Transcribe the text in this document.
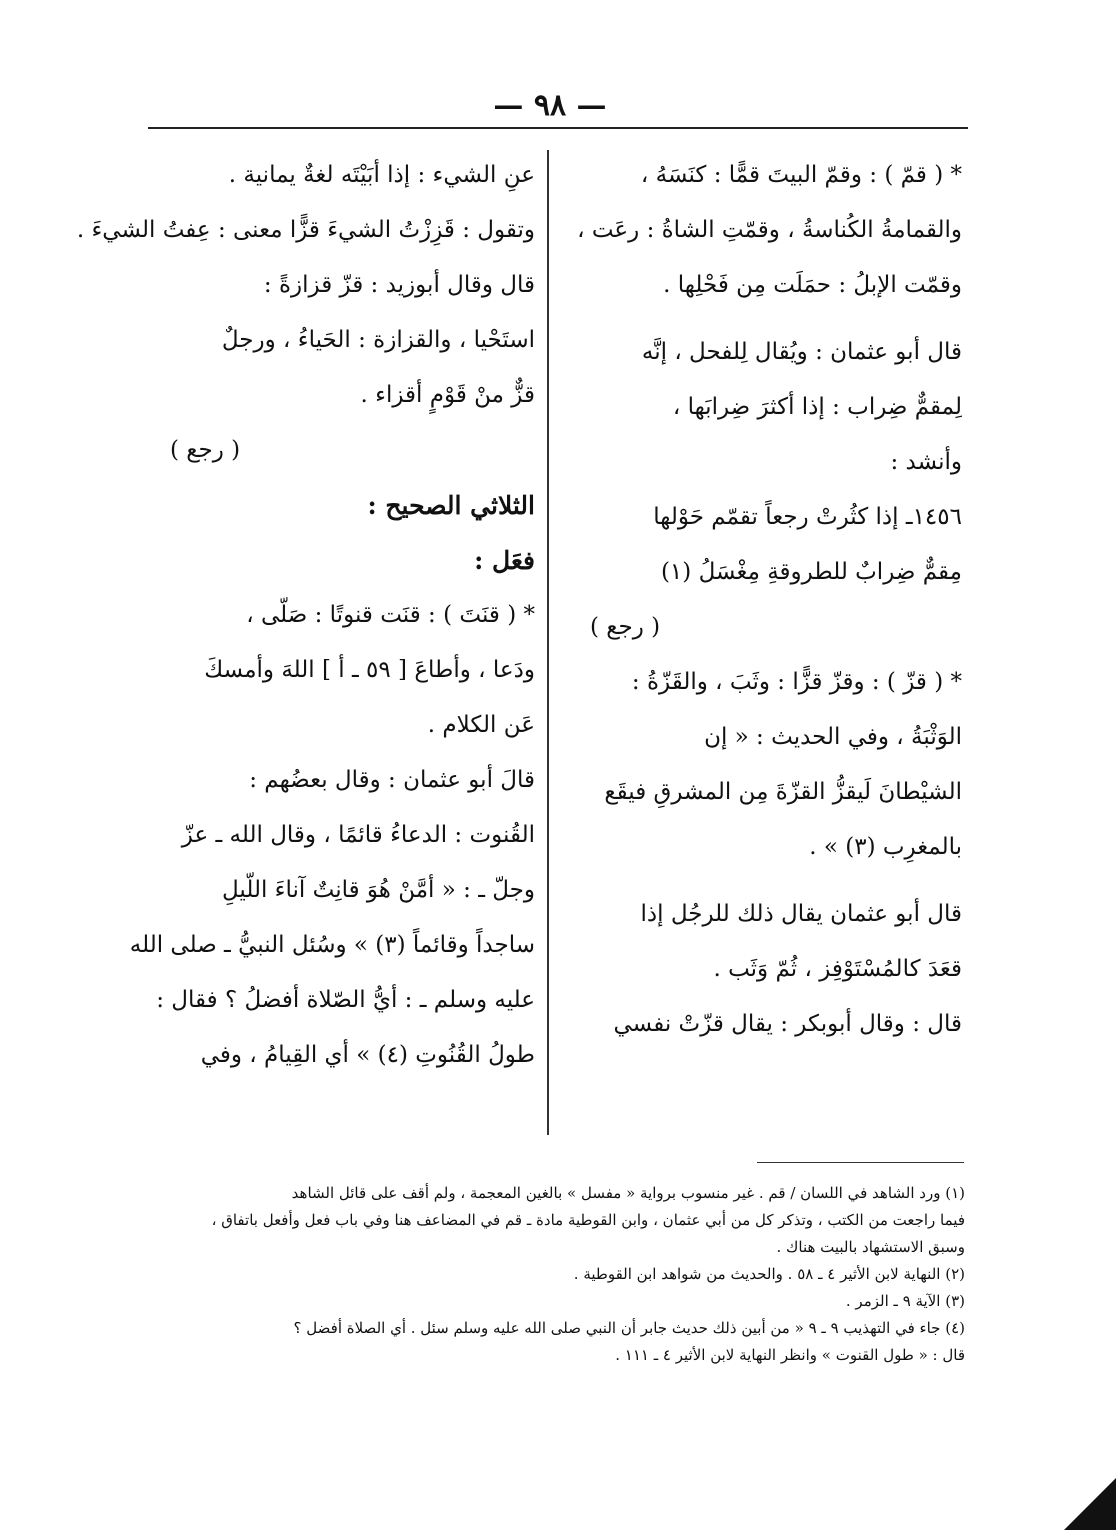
— ٩٨ —
* ( قمّ ) : وقمّ البيتَ قمًّا : كنَسَهُ ،
والقمامةُ الكُناسةُ ، وقمّتِ الشاةُ : رعَت ،
وقمّت الإبلُ : حمَلَت مِن فَحْلِها .
قال أبو عثمان : ويُقال لِلفحل ، إنَّه
لِمقمٌّ ضِراب : إذا أكثرَ ضِرابَها ،
وأنشد :
١٤٥٦ـ إذا كثُرتْ رجعاً تقمّم حَوْلها
مِقمٌّ ضِرابٌ للطروقةِ مِغْسَلُ (١)
( رجع )
* ( قزّ ) : وقزّ قزًّا : وثَبَ ، والقَزّةُ :
الوَثْبَةُ ، وفي الحديث : « إن
الشيْطانَ لَيقزُّ القزّةَ مِن المشرقِ فيقَع
بالمغرِب (٣) » .
قال أبو عثمان يقال ذلك للرجُل إذا
قعَدَ كالمُسْتَوْفِز ، ثُمّ وَثَب .
قال : وقال أبوبكر : يقال قزّتْ نفسي
عنِ الشيء : إذا أبَيْتَه لغةٌ يمانية .
وتقول : قَزِزْتُ الشيءَ قزًّا معنى : عِفتُ الشيءَ .
قال وقال أبوزيد : قزّ قزازةً :
استَحْيا ، والقزازة : الحَياءُ ، ورجلٌ
قزٌّ منْ قَوْمٍ أقزاء .
( رجع )
الثلاثي الصحيح :
فعَل :
* ( قنَتَ ) : قنَت قنوتًا : صَلّى ،
ودَعا ، وأطاعَ [ ٥٩ ـ أ ] اللهَ وأمسكَ
عَن الكلام .
قالَ أبو عثمان : وقال بعضُهم :
القُنوت : الدعاءُ قائمًا ، وقال الله ـ عزّ
وجلّ ـ : « أمَّنْ هُوَ قانِتٌ آناءَ اللّيلِ
ساجداً وقائماً (٣) » وسُئل النبيُّ ـ صلى الله
عليه وسلم ـ : أيُّ الصّلاة أفضلُ ؟ فقال :
طولُ القُنُوتِ (٤) » أي القِيامُ ، وفي
(١) ورد الشاهد في اللسان / قم . غير منسوب برواية « مفسل » بالغين المعجمة ، ولم أقف على قائل الشاهد
فيما راجعت من الكتب ، وتذكر كل من أبي عثمان ، وابن القوطية مادة ـ قم في المضاعف هنا وفي باب فعل وأفعل باتفاق ،
وسبق الاستشهاد بالبيت هناك .
(٢) النهاية لابن الأثير ٤ ـ ٥٨ . والحديث من شواهد ابن القوطية .
(٣) الآية ٩ ـ الزمر .
(٤) جاء في التهذيب ٩ ـ ٩ « من أبين ذلك حديث جابر أن النبي صلى الله عليه وسلم سئل . أي الصلاة أفضل ؟
قال : « طول القنوت » وانظر النهاية لابن الأثير ٤ ـ ١١١ .
